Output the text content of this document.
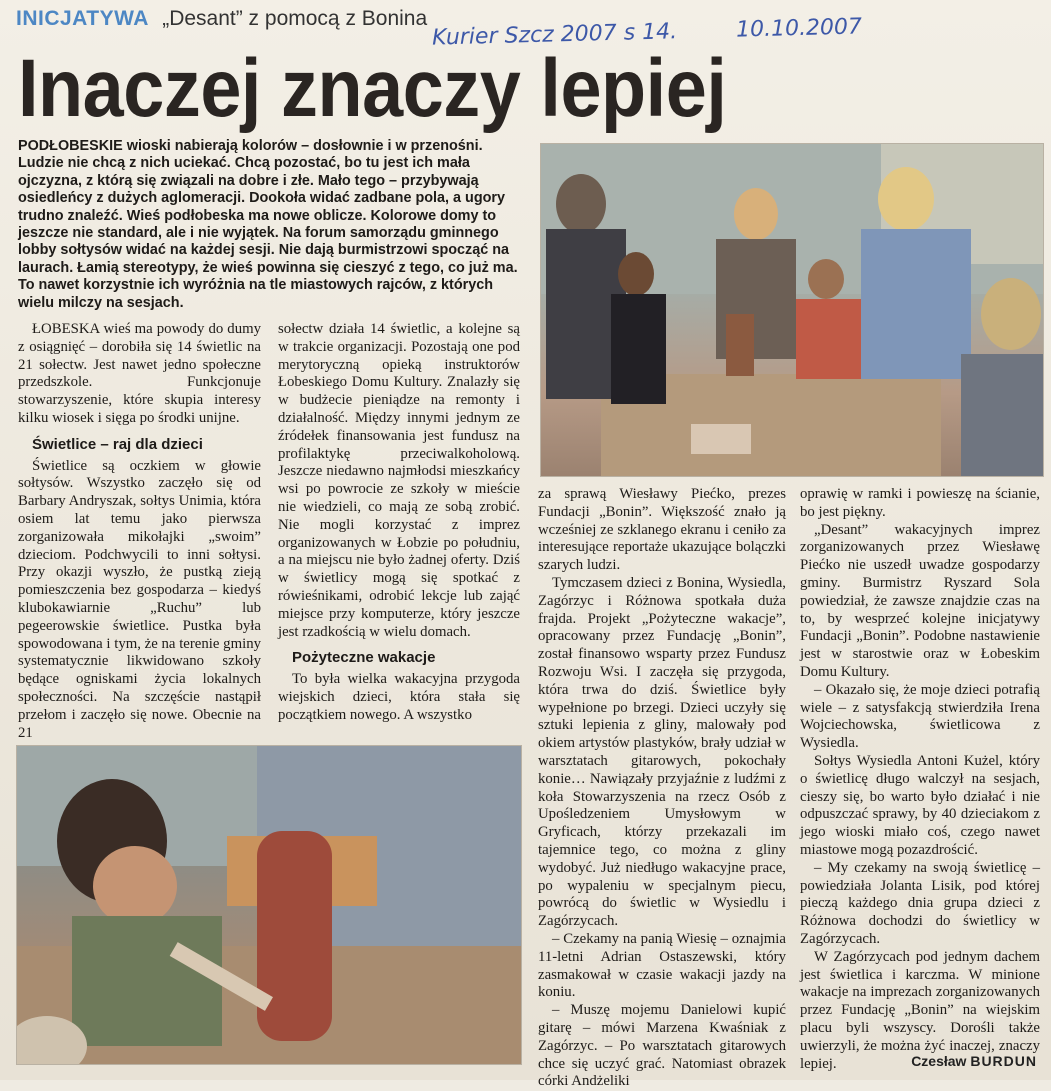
INICJATYWA „Desant” z pomocą z Bonina
Kurier Szcz 2007 s 14.	10.10.2007
Inaczej znaczy lepiej

PODŁOBESKIE wioski nabierają kolorów – dosłownie i w przenośni. Ludzie nie chcą z nich uciekać. Chcą pozostać, bo tu jest ich mała ojczyzna, z którą się związali na dobre i złe. Mało tego – przybywają osiedleńcy z dużych aglomeracji. Dookoła widać zadbane pola, a ugory trudno znaleźć. Wieś podłobeska ma nowe oblicze. Kolorowe domy to jeszcze nie standard, ale i nie wyjątek. Na forum samorządu gminnego lobby sołtysów widać na każdej sesji. Nie dają burmistrzowi spocząć na laurach. Łamią stereotypy, że wieś powinna się cieszyć z tego, co już ma. To nawet korzystnie ich wyróżnia na tle miastowych rajców, z których wielu milczy na sesjach.

ŁOBESKA wieś ma powody do dumy z osiągnięć – dorobiła się 14 świetlic na 21 sołectw. Jest nawet jedno społeczne przedszkole. Funkcjonuje stowarzyszenie, które skupia interesy kilku wiosek i sięga po środki unijne.

Świetlice – raj dla dzieci

Świetlice są oczkiem w głowie sołtysów. Wszystko zaczęło się od Barbary Andryszak, sołtys Unimia, która osiem lat temu jako pierwsza zorganizowała mikołajki „swoim” dzieciom. Podchwycili to inni sołtysi. Przy okazji wyszło, że pustką zieją pomieszczenia bez gospodarza – kiedyś klubokawiarnie „Ruchu” lub pegeerowskie świetlice. Pustka była spowodowana i tym, że na terenie gminy systematycznie likwidowano szkoły będące ogniskami życia lokalnych społeczności. Na szczęście nastąpił przełom i zaczęło się nowe. Obecnie na 21

sołectw działa 14 świetlic, a kolejne są w trakcie organizacji. Pozostają one pod merytoryczną opieką instruktorów Łobeskiego Domu Kultury. Znalazły się w budżecie pieniądze na remonty i działalność. Między innymi jednym ze źródełek finansowania jest fundusz na profilaktykę przeciwalkoholową. Jeszcze niedawno najmłodsi mieszkańcy wsi po powrocie ze szkoły w mieście nie wiedzieli, co mają ze sobą zrobić. Nie mogli korzystać z imprez organizowanych w Łobzie po południu, a na miejscu nie było żadnej oferty. Dziś w świetlicy mogą się spotkać z rówieśnikami, odrobić lekcje lub zająć miejsce przy komputerze, który jeszcze jest rzadkością w wielu domach.

Pożyteczne wakacje

To była wielka wakacyjna przygoda wiejskich dzieci, która stała się początkiem nowego. A wszystko

za sprawą Wiesławy Piećko, prezes Fundacji „Bonin”. Większość znało ją wcześniej ze szklanego ekranu i ceniło za interesujące reportaże ukazujące bolączki szarych ludzi.

Tymczasem dzieci z Bonina, Wysiedla, Zagórzyc i Różnowa spotkała duża frajda. Projekt „Pożyteczne wakacje”, opracowany przez Fundację „Bonin”, został finansowo wsparty przez Fundusz Rozwoju Wsi. I zaczęła się przygoda, która trwa do dziś. Świetlice były wypełnione po brzegi. Dzieci uczyły się sztuki lepienia z gliny, malowały pod okiem artystów plastyków, brały udział w warsztatach gitarowych, pokochały konie… Nawiązały przyjaźnie z ludźmi z koła Stowarzyszenia na rzecz Osób z Upośledzeniem Umysłowym w Gryficach, którzy przekazali im tajemnice tego, co można z gliny wydobyć. Już niedługo wakacyjne prace, po wypaleniu w specjalnym piecu, powrócą do świetlic w Wysiedlu i Zagórzycach.

– Czekamy na panią Wiesię – oznajmia 11-letni Adrian Ostaszewski, który zasmakował w czasie wakacji jazdy na koniu.

– Muszę mojemu Danielowi kupić gitarę – mówi Marzena Kwaśniak z Zagórzyc. – Po warsztatach gitarowych chce się uczyć grać. Natomiast obrazek córki Andżeliki

oprawię w ramki i powieszę na ścianie, bo jest piękny.

„Desant” wakacyjnych imprez zorganizowanych przez Wiesławę Piećko nie uszedł uwadze gospodarzy gminy. Burmistrz Ryszard Sola powiedział, że zawsze znajdzie czas na to, by wesprzeć kolejne inicjatywy Fundacji „Bonin”. Podobne nastawienie jest w starostwie oraz w Łobeskim Domu Kultury.

– Okazało się, że moje dzieci potrafią wiele – z satysfakcją stwierdziła Irena Wojciechowska, świetlicowa z Wysiedla.

Sołtys Wysiedla Antoni Kużel, który o świetlicę długo walczył na sesjach, cieszy się, bo warto było działać i nie odpuszczać sprawy, by 40 dzieciakom z jego wioski miało coś, czego nawet miastowe mogą pozazdrościć.

– My czekamy na swoją świetlicę – powiedziała Jolanta Lisik, pod której pieczą każdego dnia grupa dzieci z Różnowa dochodzi do świetlicy w Zagórzycach.

W Zagórzycach pod jednym dachem jest świetlica i karczma. W minione wakacje na imprezach zorganizowanych przez Fundację „Bonin” na wiejskim placu byli wszyscy. Dorośli także uwierzyli, że można żyć inaczej, znaczy lepiej.	Czesław BURDUN
